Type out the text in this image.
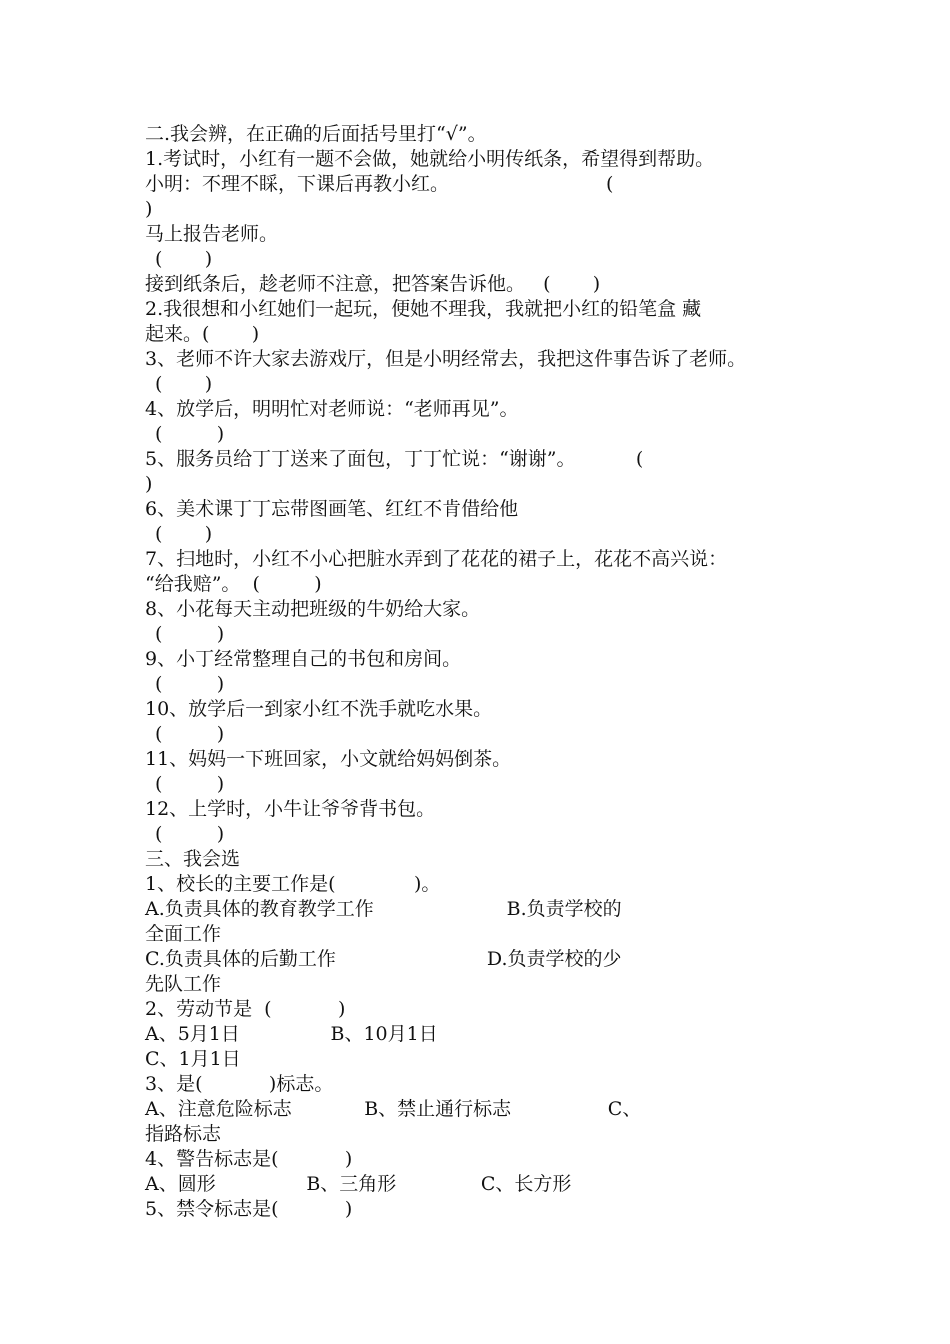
二.我会辨，在正确的后面括号里打“√”。
1.考试时，小红有一题不会做，她就给小明传纸条，希望得到帮助。
小明：不理不睬，下课后再教小红。                          (
)
马上报告老师。
(       )
接到纸条后，趁老师不注意，把答案告诉他。   (       )
2.我很想和小红她们一起玩，便她不理我，我就把小红的铅笔盒 藏
起来。(       )
3、老师不许大家去游戏厅，但是小明经常去，我把这件事告诉了老师。
(       )
4、放学后，明明忙对老师说：“老师再见”。
(         )
5、服务员给丁丁送来了面包，丁丁忙说：“谢谢”。          (
)
6、美术课丁丁忘带图画笔、红红不肯借给他
(       )
7、扫地时，小红不小心把脏水弄到了花花的裙子上，花花不高兴说：
“给我赔”。  (         )
8、小花每天主动把班级的牛奶给大家。
(         )
9、小丁经常整理自己的书包和房间。
(         )
10、放学后一到家小红不洗手就吃水果。
(         )
11、妈妈一下班回家，小文就给妈妈倒茶。
(         )
12、上学时，小牛让爷爷背书包。
(         )
三、我会选
1、校长的主要工作是(             )。
A.负责具体的教育教学工作                      B.负责学校的
全面工作
C.负责具体的后勤工作                         D.负责学校的少
先队工作
2、劳动节是  (           )
A、5月1日               B、10月1日
C、1月1日
3、是(           )标志。
A、注意危险标志            B、禁止通行标志                C、
指路标志
4、警告标志是(           )
A、圆形               B、三角形              C、长方形
5、禁令标志是(           )
